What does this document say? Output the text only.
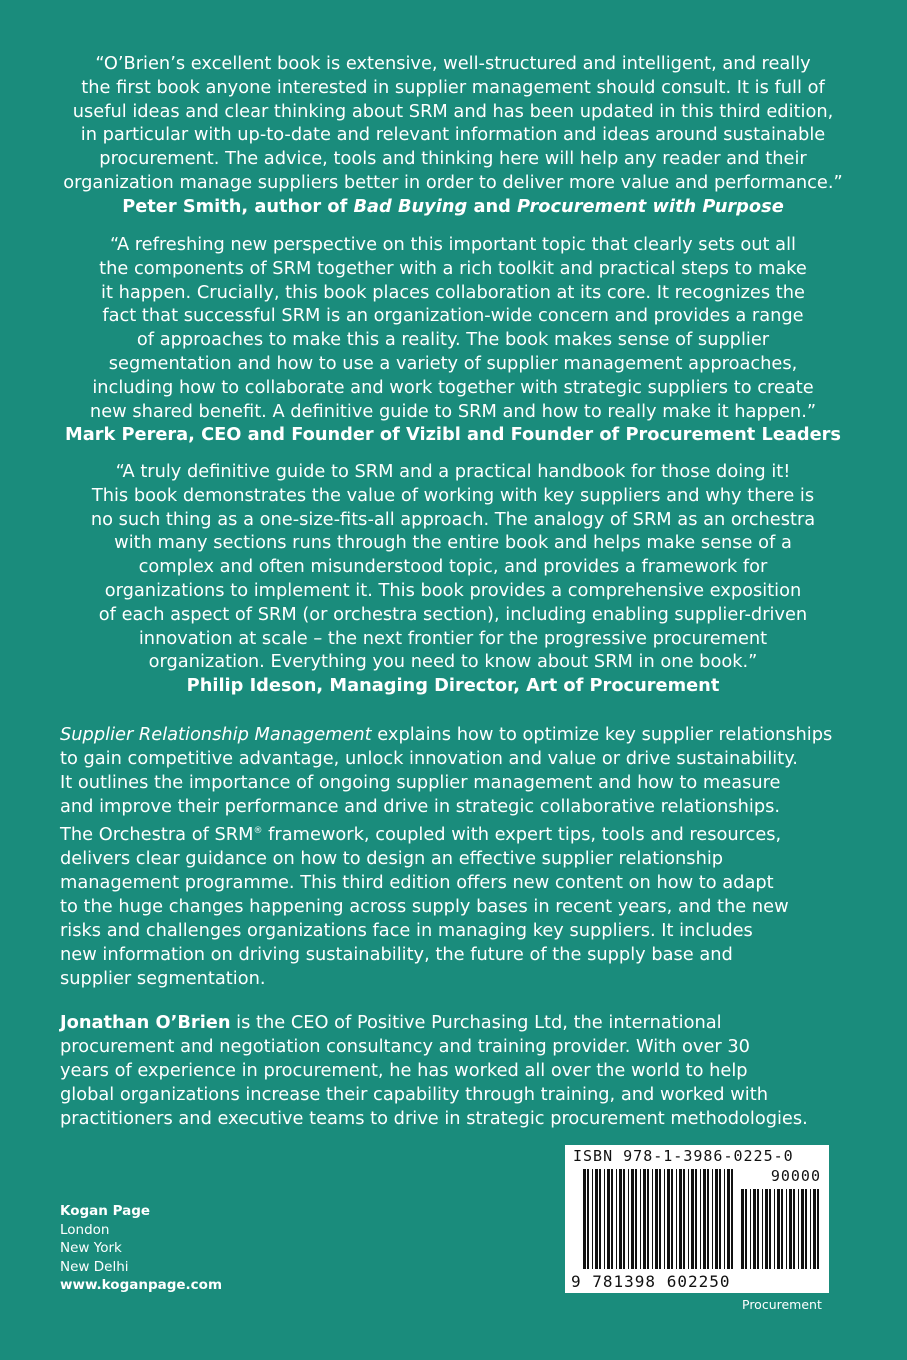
“O’Brien’s excellent book is extensive, well-structured and intelligent, and really

the first book anyone interested in supplier management should consult. It is full of

useful ideas and clear thinking about SRM and has been updated in this third edition,

in particular with up-to-date and relevant information and ideas around sustainable

procurement. The advice, tools and thinking here will help any reader and their

organization manage suppliers better in order to deliver more value and performance.”

Peter Smith, author of Bad Buying and Procurement with Purpose

“A refreshing new perspective on this important topic that clearly sets out all

the components of SRM together with a rich toolkit and practical steps to make

it happen. Crucially, this book places collaboration at its core. It recognizes the

fact that successful SRM is an organization-wide concern and provides a range

of approaches to make this a reality. The book makes sense of supplier

segmentation and how to use a variety of supplier management approaches,

including how to collaborate and work together with strategic suppliers to create

new shared benefit. A definitive guide to SRM and how to really make it happen.”

Mark Perera, CEO and Founder of Vizibl and Founder of Procurement Leaders

“A truly definitive guide to SRM and a practical handbook for those doing it!

This book demonstrates the value of working with key suppliers and why there is

no such thing as a one-size-fits-all approach. The analogy of SRM as an orchestra

with many sections runs through the entire book and helps make sense of a

complex and often misunderstood topic, and provides a framework for

organizations to implement it. This book provides a comprehensive exposition

of each aspect of SRM (or orchestra section), including enabling supplier-driven

innovation at scale – the next frontier for the progressive procurement

organization. Everything you need to know about SRM in one book.”

Philip Ideson, Managing Director, Art of Procurement

Supplier Relationship Management explains how to optimize key supplier relationships
to gain competitive advantage, unlock innovation and value or drive sustainability.
It outlines the importance of ongoing supplier management and how to measure
and improve their performance and drive in strategic collaborative relationships.
The Orchestra of SRM® framework, coupled with expert tips, tools and resources,
delivers clear guidance on how to design an effective supplier relationship
management programme. This third edition offers new content on how to adapt
to the huge changes happening across supply bases in recent years, and the new
risks and challenges organizations face in managing key suppliers. It includes
new information on driving sustainability, the future of the supply base and
supplier segmentation.
Jonathan O’Brien is the CEO of Positive Purchasing Ltd, the international
procurement and negotiation consultancy and training provider. With over 30
years of experience in procurement, he has worked all over the world to help
global organizations increase their capability through training, and worked with
practitioners and executive teams to drive in strategic procurement methodologies.
Kogan Page
London
New York
New Delhi
www.koganpage.com
ISBN 978-1-3986-0225-0
90000
9 781398 602250
Procurement
